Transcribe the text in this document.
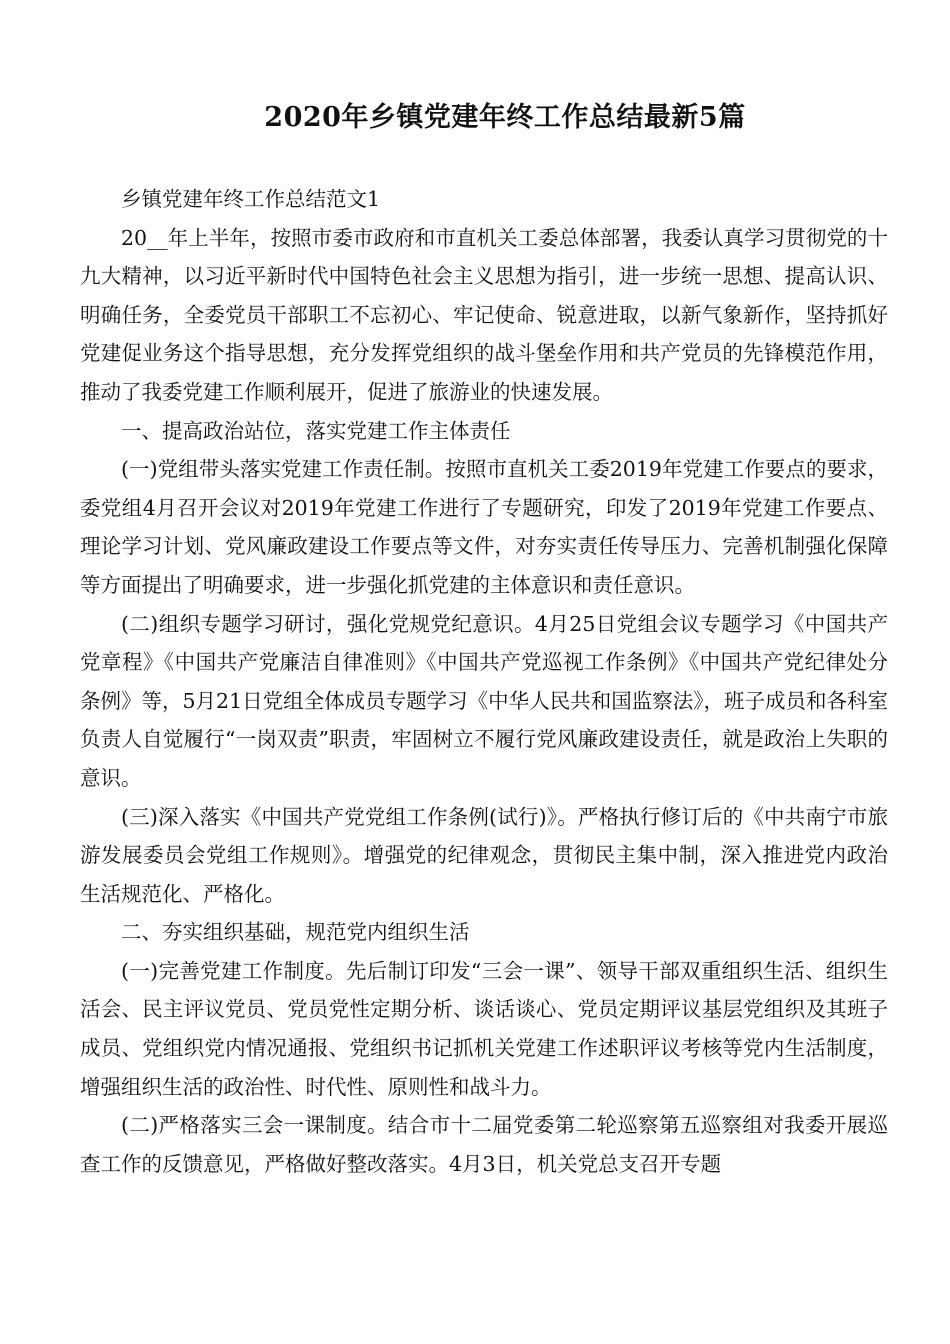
2020年乡镇党建年终工作总结最新5篇

乡镇党建年终工作总结范文1

20__年上半年，按照市委市政府和市直机关工委总体部署，我委认真学习贯彻党的十九大精神，以习近平新时代中国特色社会主义思想为指引，进一步统一思想、提高认识、明确任务，全委党员干部职工不忘初心、牢记使命、锐意进取，以新气象新作，坚持抓好党建促业务这个指导思想，充分发挥党组织的战斗堡垒作用和共产党员的先锋模范作用，推动了我委党建工作顺利展开，促进了旅游业的快速发展。

一、提高政治站位，落实党建工作主体责任

(一)党组带头落实党建工作责任制。按照市直机关工委2019年党建工作要点的要求，委党组4月召开会议对2019年党建工作进行了专题研究，印发了2019年党建工作要点、理论学习计划、党风廉政建设工作要点等文件，对夯实责任传导压力、完善机制强化保障等方面提出了明确要求，进一步强化抓党建的主体意识和责任意识。

(二)组织专题学习研讨，强化党规党纪意识。4月25日党组会议专题学习《中国共产党章程》《中国共产党廉洁自律准则》《中国共产党巡视工作条例》《中国共产党纪律处分条例》等，5月21日党组全体成员专题学习《中华人民共和国监察法》，班子成员和各科室负责人自觉履行“一岗双责”职责，牢固树立不履行党风廉政建设责任，就是政治上失职的意识。

(三)深入落实《中国共产党党组工作条例(试行)》。严格执行修订后的《中共南宁市旅游发展委员会党组工作规则》。增强党的纪律观念，贯彻民主集中制，深入推进党内政治生活规范化、严格化。

二、夯实组织基础，规范党内组织生活

(一)完善党建工作制度。先后制订印发“三会一课”、领导干部双重组织生活、组织生活会、民主评议党员、党员党性定期分析、谈话谈心、党员定期评议基层党组织及其班子成员、党组织党内情况通报、党组织书记抓机关党建工作述职评议考核等党内生活制度，增强组织生活的政治性、时代性、原则性和战斗力。

(二)严格落实三会一课制度。结合市十二届党委第二轮巡察第五巡察组对我委开展巡查工作的反馈意见，严格做好整改落实。4月3日，机关党总支召开专题
